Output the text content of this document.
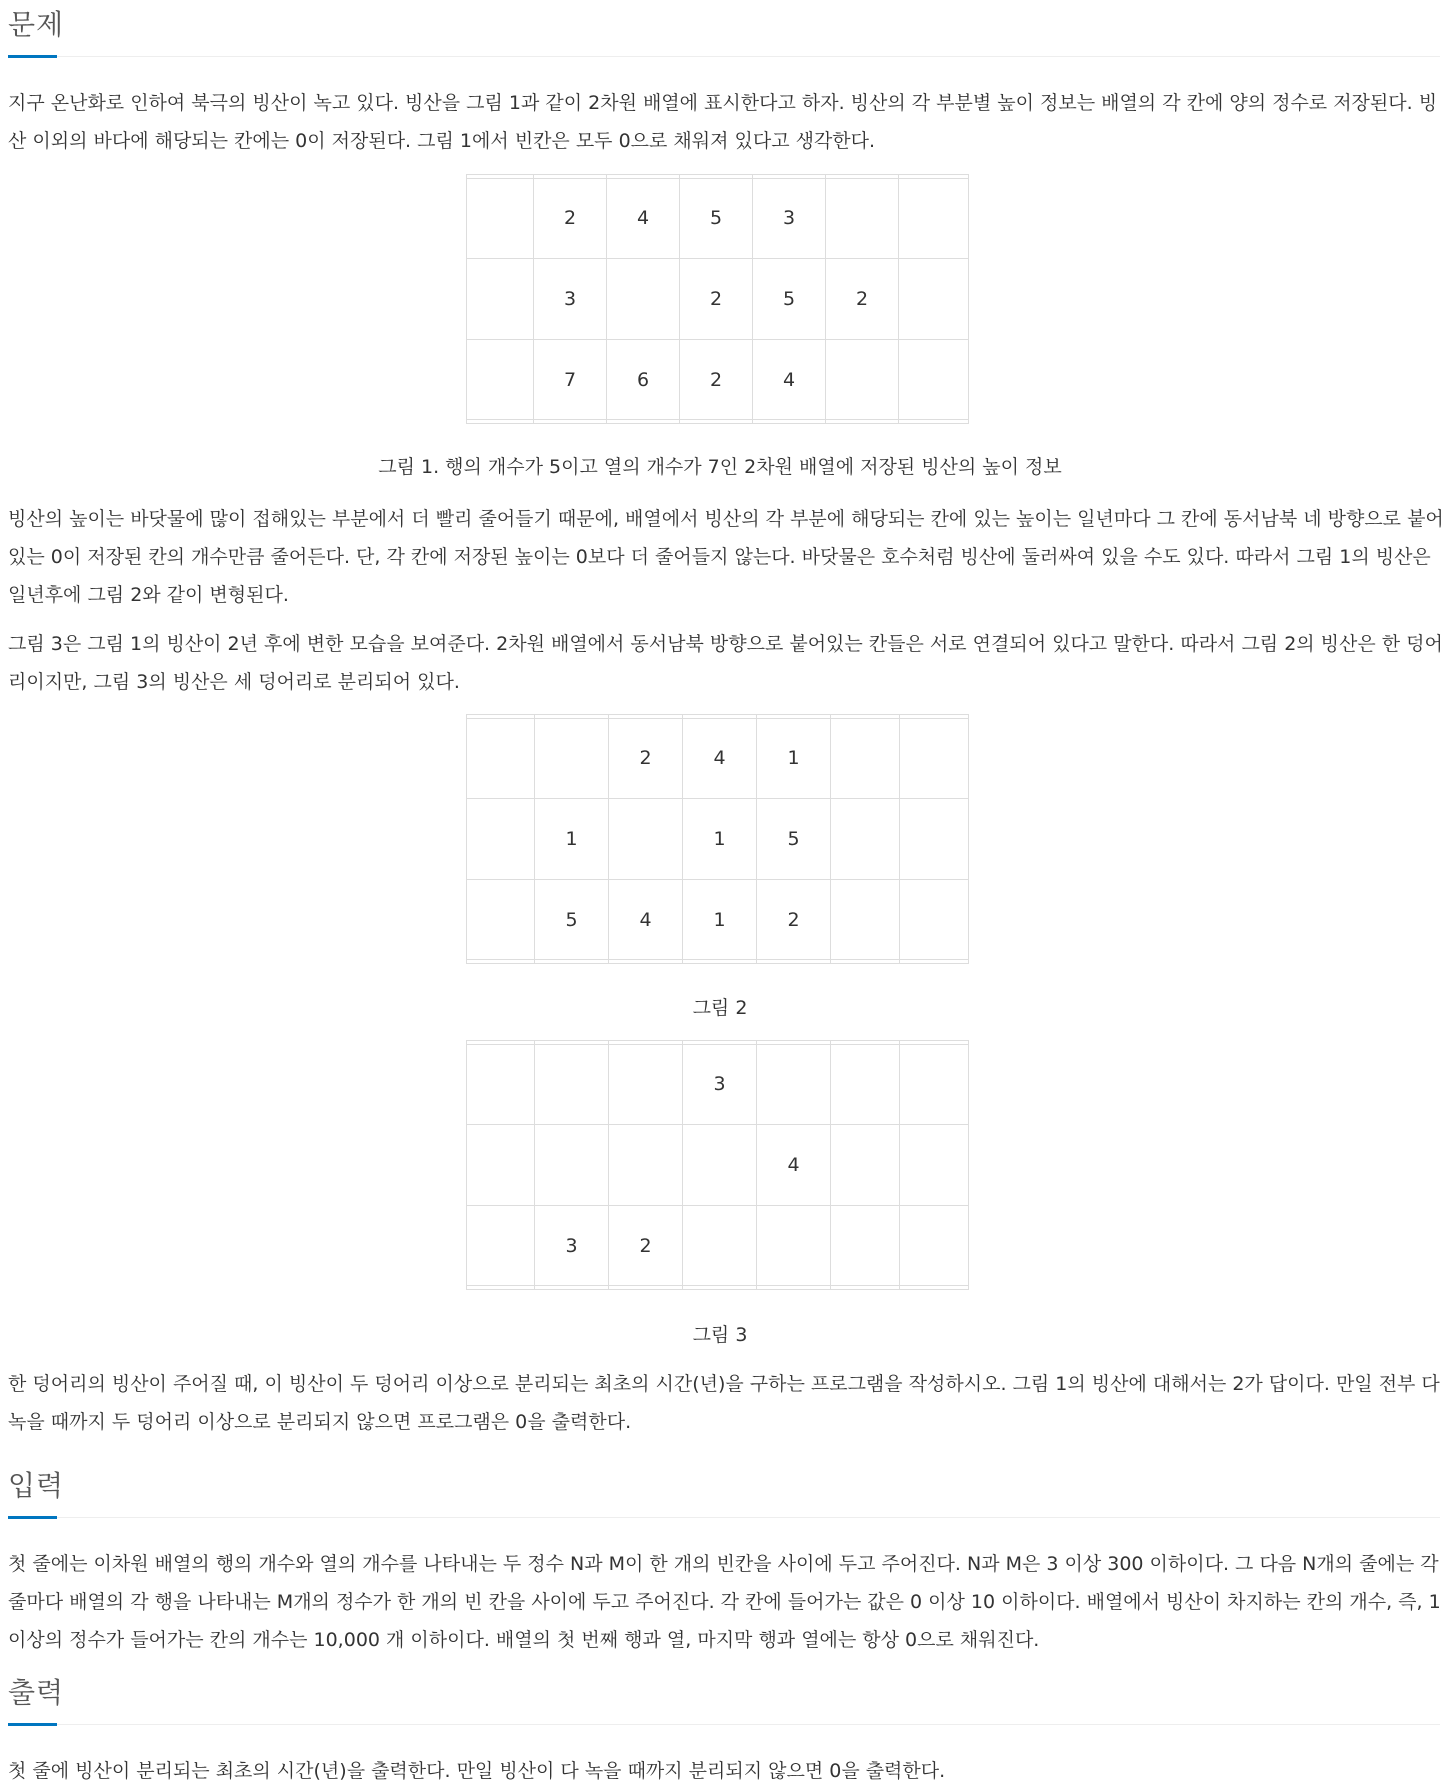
문제

지구 온난화로 인하여 북극의 빙산이 녹고 있다. 빙산을 그림 1과 같이 2차원 배열에 표시한다고 하자. 빙산의 각 부분별 높이 정보는 배열의 각 칸에 양의 정수로 저장된다. 빙산 이외의 바다에 해당되는 칸에는 0이 저장된다. 그림 1에서 빈칸은 모두 0으로 채워져 있다고 생각한다.

	2	4	5	3		
	3		2	5	2	
	7	6	2	4		

그림 1. 행의 개수가 5이고 열의 개수가 7인 2차원 배열에 저장된 빙산의 높이 정보

빙산의 높이는 바닷물에 많이 접해있는 부분에서 더 빨리 줄어들기 때문에, 배열에서 빙산의 각 부분에 해당되는 칸에 있는 높이는 일년마다 그 칸에 동서남북 네 방향으로 붙어있는 0이 저장된 칸의 개수만큼 줄어든다. 단, 각 칸에 저장된 높이는 0보다 더 줄어들지 않는다. 바닷물은 호수처럼 빙산에 둘러싸여 있을 수도 있다. 따라서 그림 1의 빙산은 일년후에 그림 2와 같이 변형된다.

그림 3은 그림 1의 빙산이 2년 후에 변한 모습을 보여준다. 2차원 배열에서 동서남북 방향으로 붙어있는 칸들은 서로 연결되어 있다고 말한다. 따라서 그림 2의 빙산은 한 덩어리이지만, 그림 3의 빙산은 세 덩어리로 분리되어 있다.

		2	4	1		
	1		1	5		
	5	4	1	2		

그림 2

			3			
				4		
	3	2				

그림 3

한 덩어리의 빙산이 주어질 때, 이 빙산이 두 덩어리 이상으로 분리되는 최초의 시간(년)을 구하는 프로그램을 작성하시오. 그림 1의 빙산에 대해서는 2가 답이다. 만일 전부 다 녹을 때까지 두 덩어리 이상으로 분리되지 않으면 프로그램은 0을 출력한다.

입력

첫 줄에는 이차원 배열의 행의 개수와 열의 개수를 나타내는 두 정수 N과 M이 한 개의 빈칸을 사이에 두고 주어진다. N과 M은 3 이상 300 이하이다. 그 다음 N개의 줄에는 각 줄마다 배열의 각 행을 나타내는 M개의 정수가 한 개의 빈 칸을 사이에 두고 주어진다. 각 칸에 들어가는 값은 0 이상 10 이하이다. 배열에서 빙산이 차지하는 칸의 개수, 즉, 1 이상의 정수가 들어가는 칸의 개수는 10,000 개 이하이다. 배열의 첫 번째 행과 열, 마지막 행과 열에는 항상 0으로 채워진다.

출력

첫 줄에 빙산이 분리되는 최초의 시간(년)을 출력한다. 만일 빙산이 다 녹을 때까지 분리되지 않으면 0을 출력한다.
